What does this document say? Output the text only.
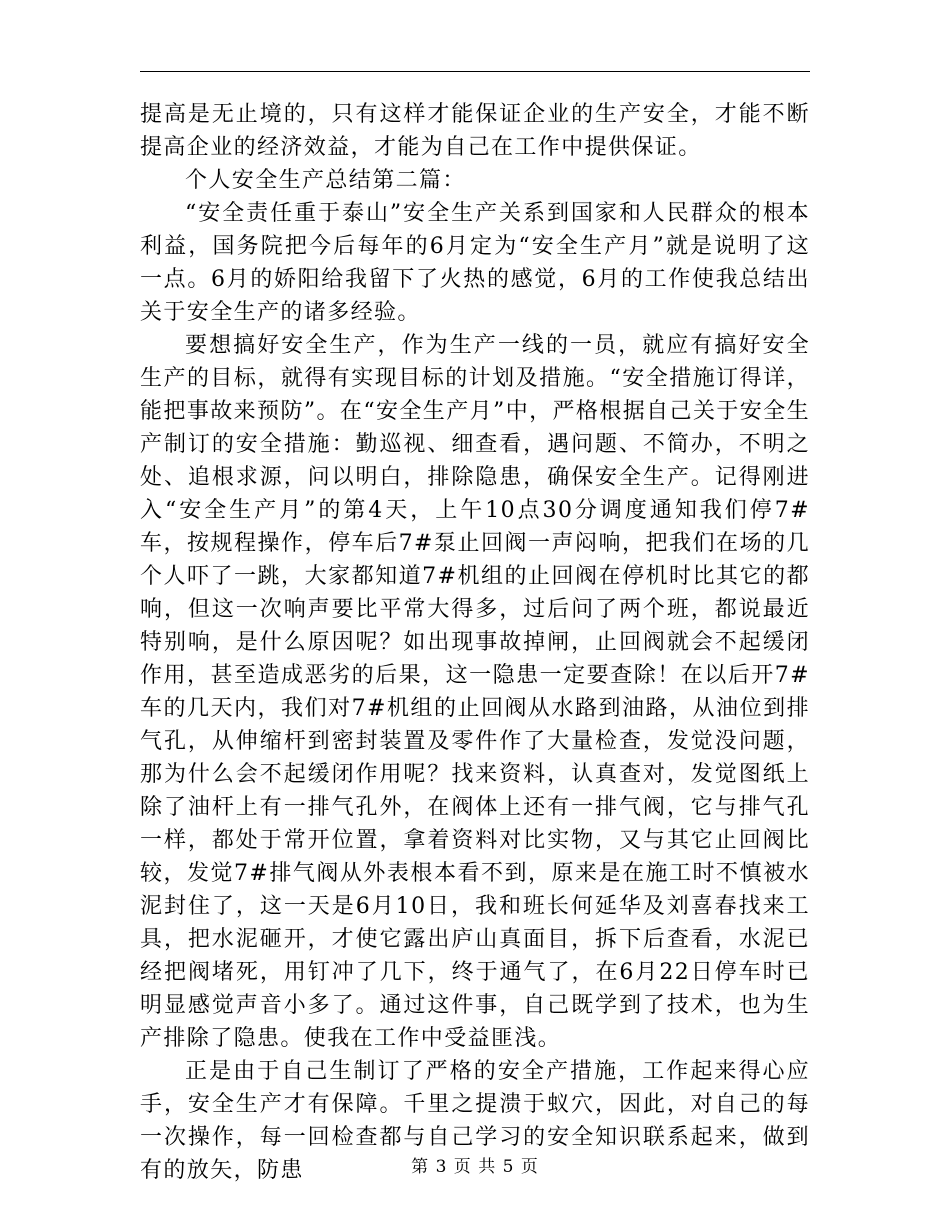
提高是无止境的，只有这样才能保证企业的生产安全，才能不断提高企业的经济效益，才能为自己在工作中提供保证。

个人安全生产总结第二篇：

“安全责任重于泰山”安全生产关系到国家和人民群众的根本利益，国务院把今后每年的6月定为“安全生产月”就是说明了这一点。6月的娇阳给我留下了火热的感觉，6月的工作使我总结出关于安全生产的诸多经验。

要想搞好安全生产，作为生产一线的一员，就应有搞好安全生产的目标，就得有实现目标的计划及措施。“安全措施订得详，能把事故来预防”。在“安全生产月”中，严格根据自己关于安全生产制订的安全措施：勤巡视、细查看，遇问题、不简办，不明之处、追根求源，问以明白，排除隐患，确保安全生产。记得刚进入“安全生产月”的第4天，上午10点30分调度通知我们停7#车，按规程操作，停车后7#泵止回阀一声闷响，把我们在场的几个人吓了一跳，大家都知道7#机组的止回阀在停机时比其它的都响，但这一次响声要比平常大得多，过后问了两个班，都说最近特别响，是什么原因呢？如出现事故掉闸，止回阀就会不起缓闭作用，甚至造成恶劣的后果，这一隐患一定要查除！在以后开7#车的几天内，我们对7#机组的止回阀从水路到油路，从油位到排气孔，从伸缩杆到密封装置及零件作了大量检查，发觉没问题，那为什么会不起缓闭作用呢？找来资料，认真查对，发觉图纸上除了油杆上有一排气孔外，在阀体上还有一排气阀，它与排气孔一样，都处于常开位置，拿着资料对比实物，又与其它止回阀比较，发觉7#排气阀从外表根本看不到，原来是在施工时不慎被水泥封住了，这一天是6月10日，我和班长何延华及刘喜春找来工具，把水泥砸开，才使它露出庐山真面目，拆下后查看，水泥已经把阀堵死，用钉冲了几下，终于通气了，在6月22日停车时已明显感觉声音小多了。通过这件事，自己既学到了技术，也为生产排除了隐患。使我在工作中受益匪浅。

正是由于自己生制订了严格的安全产措施，工作起来得心应手，安全生产才有保障。千里之提溃于蚁穴，因此，对自己的每一次操作，每一回检查都与自己学习的安全知识联系起来，做到有的放矢，防患	第 3 页 共 5 页
